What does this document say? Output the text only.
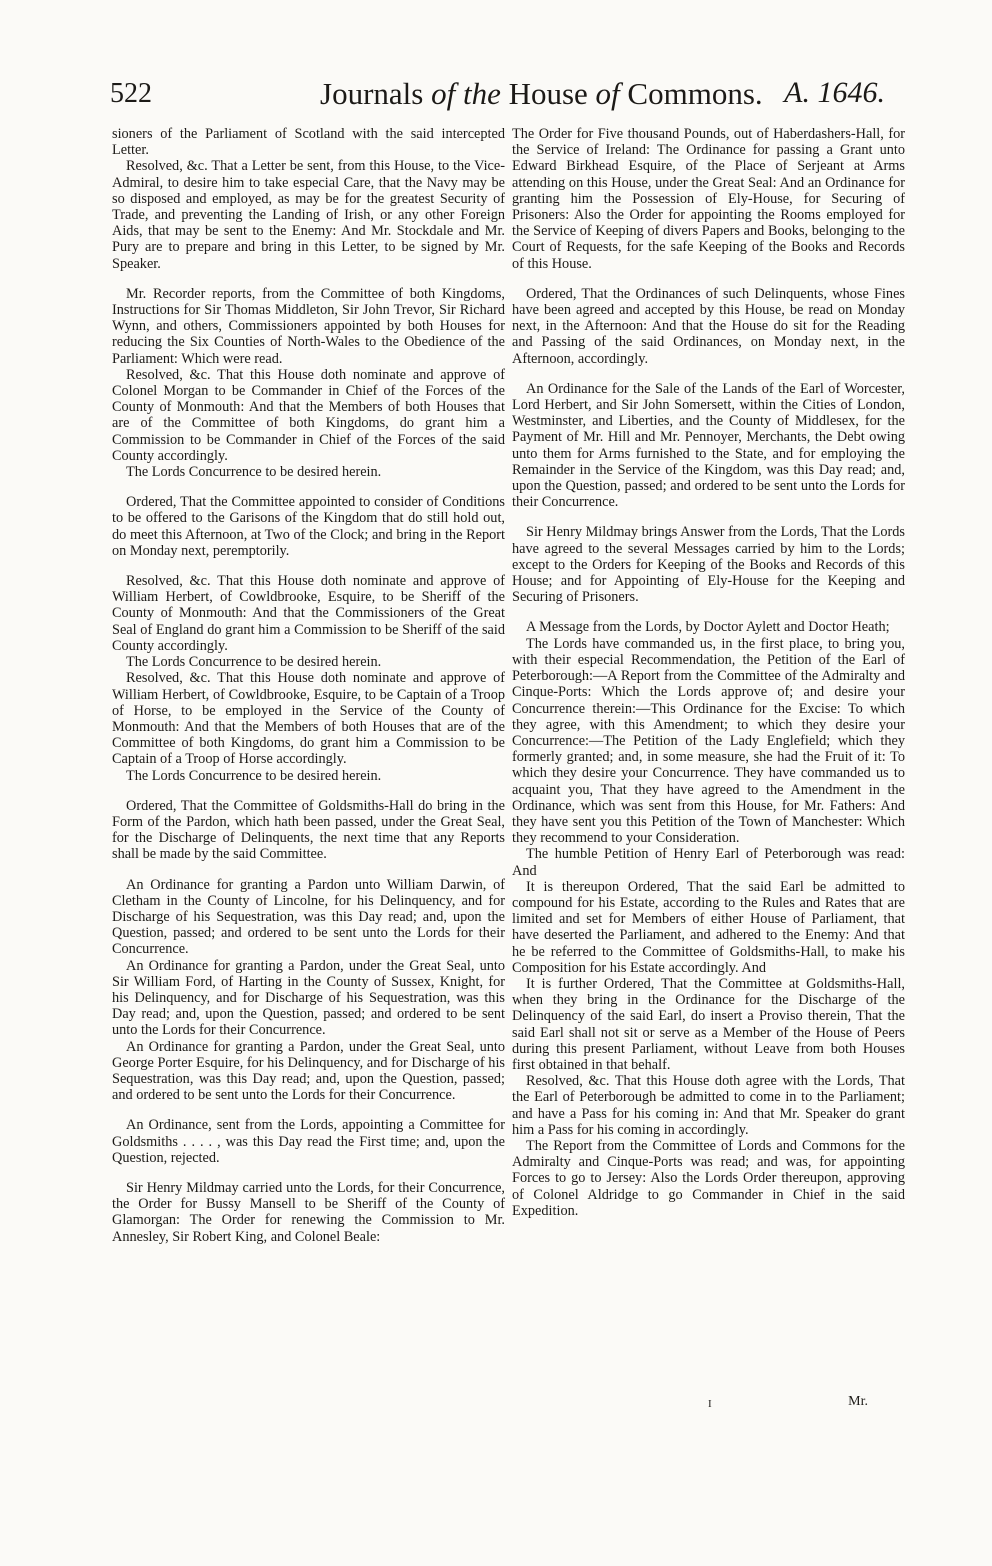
522	Journals of the House of Commons. A. 1646.

sioners of the Parliament of Scotland with the said intercepted Letter.

Resolved, &c. That a Letter be sent, from this House, to the Vice-Admiral, to desire him to take especial Care, that the Navy may be so disposed and employed, as may be for the greatest Security of Trade, and preventing the Landing of Irish, or any other Foreign Aids, that may be sent to the Enemy: And Mr. Stockdale and Mr. Pury are to prepare and bring in this Letter, to be signed by Mr. Speaker.

Mr. Recorder reports, from the Committee of both Kingdoms, Instructions for Sir Thomas Middleton, Sir John Trevor, Sir Richard Wynn, and others, Commissioners appointed by both Houses for reducing the Six Counties of North-Wales to the Obedience of the Parliament: Which were read.

Resolved, &c. That this House doth nominate and approve of Colonel Morgan to be Commander in Chief of the Forces of the County of Monmouth: And that the Members of both Houses that are of the Committee of both Kingdoms, do grant him a Commission to be Commander in Chief of the Forces of the said County accordingly.

The Lords Concurrence to be desired herein.

Ordered, That the Committee appointed to consider of Conditions to be offered to the Garisons of the Kingdom that do still hold out, do meet this Afternoon, at Two of the Clock; and bring in the Report on Monday next, peremptorily.

Resolved, &c. That this House doth nominate and approve of William Herbert, of Cowldbrooke, Esquire, to be Sheriff of the County of Monmouth: And that the Commissioners of the Great Seal of England do grant him a Commission to be Sheriff of the said County accordingly.

The Lords Concurrence to be desired herein.

Resolved, &c. That this House doth nominate and approve of William Herbert, of Cowldbrooke, Esquire, to be Captain of a Troop of Horse, to be employed in the Service of the County of Monmouth: And that the Members of both Houses that are of the Committee of both Kingdoms, do grant him a Commission to be Captain of a Troop of Horse accordingly.

The Lords Concurrence to be desired herein.

Ordered, That the Committee of Goldsmiths-Hall do bring in the Form of the Pardon, which hath been passed, under the Great Seal, for the Discharge of Delinquents, the next time that any Reports shall be made by the said Committee.

An Ordinance for granting a Pardon unto William Darwin, of Cletham in the County of Lincolne, for his Delinquency, and for Discharge of his Sequestration, was this Day read; and, upon the Question, passed; and ordered to be sent unto the Lords for their Concurrence.

An Ordinance for granting a Pardon, under the Great Seal, unto Sir William Ford, of Harting in the County of Sussex, Knight, for his Delinquency, and for Discharge of his Sequestration, was this Day read; and, upon the Question, passed; and ordered to be sent unto the Lords for their Concurrence.

An Ordinance for granting a Pardon, under the Great Seal, unto George Porter Esquire, for his Delinquency, and for Discharge of his Sequestration, was this Day read; and, upon the Question, passed; and ordered to be sent unto the Lords for their Concurrence.

An Ordinance, sent from the Lords, appointing a Committee for Goldsmiths . . . . , was this Day read the First time; and, upon the Question, rejected.

Sir Henry Mildmay carried unto the Lords, for their Concurrence, the Order for Bussy Mansell to be Sheriff of the County of Glamorgan: The Order for renewing the Commission to Mr. Annesley, Sir Robert King, and Colonel Beale:

The Order for Five thousand Pounds, out of Haberdashers-Hall, for the Service of Ireland: The Ordinance for passing a Grant unto Edward Birkhead Esquire, of the Place of Serjeant at Arms attending on this House, under the Great Seal: And an Ordinance for granting him the Possession of Ely-House, for Securing of Prisoners: Also the Order for appointing the Rooms employed for the Service of Keeping of divers Papers and Books, belonging to the Court of Requests, for the safe Keeping of the Books and Records of this House.

Ordered, That the Ordinances of such Delinquents, whose Fines have been agreed and accepted by this House, be read on Monday next, in the Afternoon: And that the House do sit for the Reading and Passing of the said Ordinances, on Monday next, in the Afternoon, accordingly.

An Ordinance for the Sale of the Lands of the Earl of Worcester, Lord Herbert, and Sir John Somersett, within the Cities of London, Westminster, and Liberties, and the County of Middlesex, for the Payment of Mr. Hill and Mr. Pennoyer, Merchants, the Debt owing unto them for Arms furnished to the State, and for employing the Remainder in the Service of the Kingdom, was this Day read; and, upon the Question, passed; and ordered to be sent unto the Lords for their Concurrence.

Sir Henry Mildmay brings Answer from the Lords, That the Lords have agreed to the several Messages carried by him to the Lords; except to the Orders for Keeping of the Books and Records of this House; and for Appointing of Ely-House for the Keeping and Securing of Prisoners.

A Message from the Lords, by Doctor Aylett and Doctor Heath;

The Lords have commanded us, in the first place, to bring you, with their especial Recommendation, the Petition of the Earl of Peterborough:—A Report from the Committee of the Admiralty and Cinque-Ports: Which the Lords approve of; and desire your Concurrence therein:—This Ordinance for the Excise: To which they agree, with this Amendment; to which they desire your Concurrence:—The Petition of the Lady Englefield; which they formerly granted; and, in some measure, she had the Fruit of it: To which they desire your Concurrence. They have commanded us to acquaint you, That they have agreed to the Amendment in the Ordinance, which was sent from this House, for Mr. Fathers: And they have sent you this Petition of the Town of Manchester: Which they recommend to your Consideration.

The humble Petition of Henry Earl of Peterborough was read: And

It is thereupon Ordered, That the said Earl be admitted to compound for his Estate, according to the Rules and Rates that are limited and set for Members of either House of Parliament, that have deserted the Parliament, and adhered to the Enemy: And that he be referred to the Committee of Goldsmiths-Hall, to make his Composition for his Estate accordingly. And

It is further Ordered, That the Committee at Goldsmiths-Hall, when they bring in the Ordinance for the Discharge of the Delinquency of the said Earl, do insert a Proviso therein, That the said Earl shall not sit or serve as a Member of the House of Peers during this present Parliament, without Leave from both Houses first obtained in that behalf.

Resolved, &c. That this House doth agree with the Lords, That the Earl of Peterborough be admitted to come in to the Parliament; and have a Pass for his coming in: And that Mr. Speaker do grant him a Pass for his coming in accordingly.

The Report from the Committee of Lords and Commons for the Admiralty and Cinque-Ports was read; and was, for appointing Forces to go to Jersey: Also the Lords Order thereupon, approving of Colonel Aldridge to go Commander in Chief in the said Expedition.

I	Mr.
